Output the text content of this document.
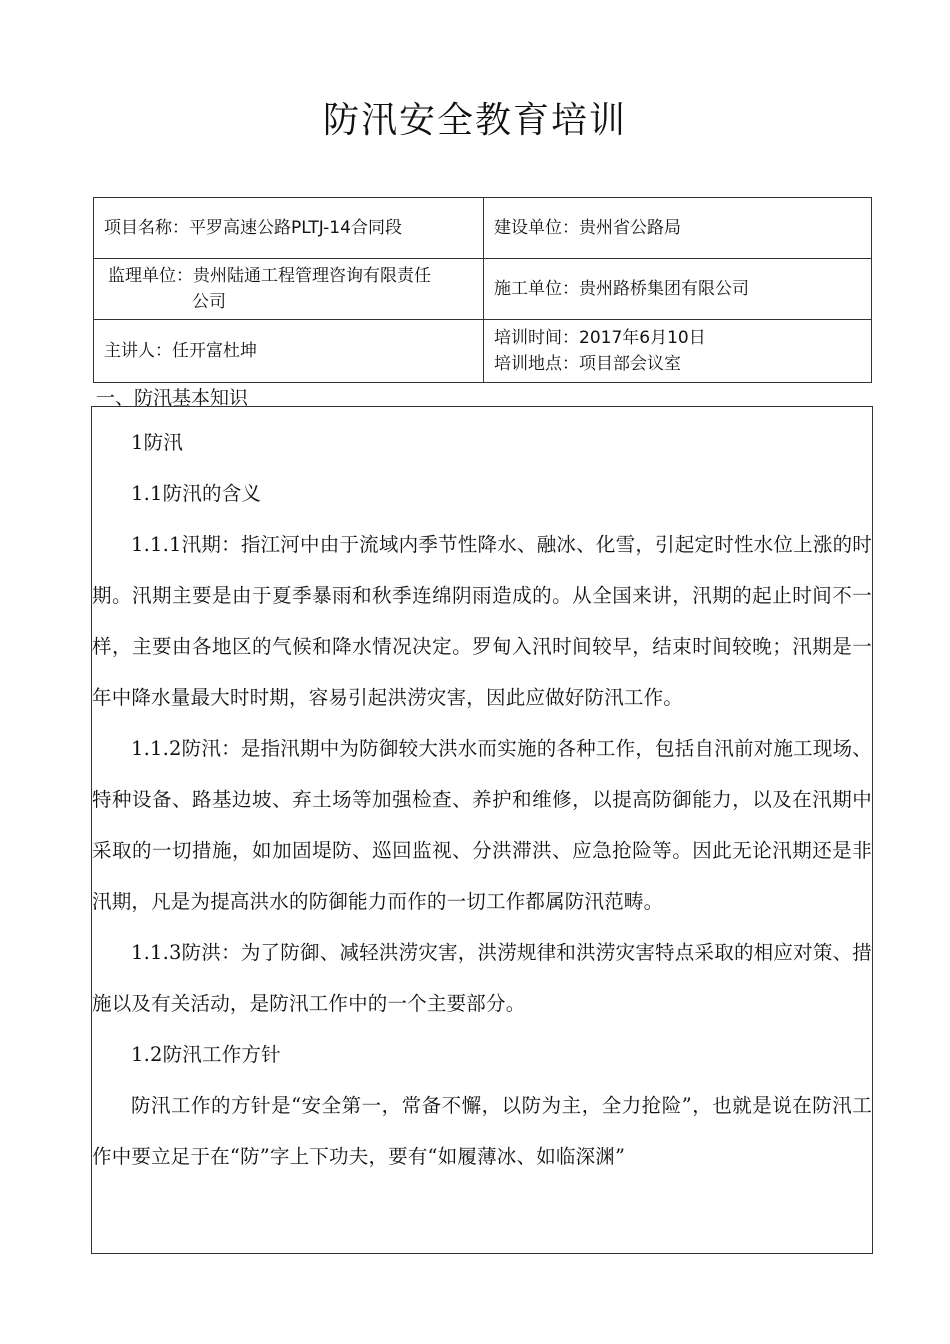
防汛安全教育培训
项目名称：平罗高速公路PLTJ-14合同段	建设单位：贵州省公路局

监理单位：贵州陆通工程管理咨询有限责任
公司	施工单位：贵州路桥集团有限公司
主讲人：任开富杜坤	培训时间：2017年6月10日
培训地点：项目部会议室
一、防汛基本知识

1防汛

1.1防汛的含义

1.1.1汛期：指江河中由于流域内季节性降水、融冰、化雪，引起定时性水位上涨的时期。汛期主要是由于夏季暴雨和秋季连绵阴雨造成的。从全国来讲，汛期的起止时间不一样，主要由各地区的气候和降水情况决定。罗甸入汛时间较早，结束时间较晚；汛期是一年中降水量最大时时期，容易引起洪涝灾害，因此应做好防汛工作。

1.1.2防汛：是指汛期中为防御较大洪水而实施的各种工作，包括自汛前对施工现场、特种设备、路基边坡、弃土场等加强检查、养护和维修，以提高防御能力，以及在汛期中采取的一切措施，如加固堤防、巡回监视、分洪滞洪、应急抢险等。因此无论汛期还是非汛期，凡是为提高洪水的防御能力而作的一切工作都属防汛范畴。

1.1.3防洪：为了防御、减轻洪涝灾害，洪涝规律和洪涝灾害特点采取的相应对策、措施以及有关活动，是防汛工作中的一个主要部分。

1.2防汛工作方针

防汛工作的方针是“安全第一，常备不懈，以防为主，全力抢险”，也就是说在防汛工作中要立足于在“防”字上下功夫，要有“如履薄冰、如临深渊”
